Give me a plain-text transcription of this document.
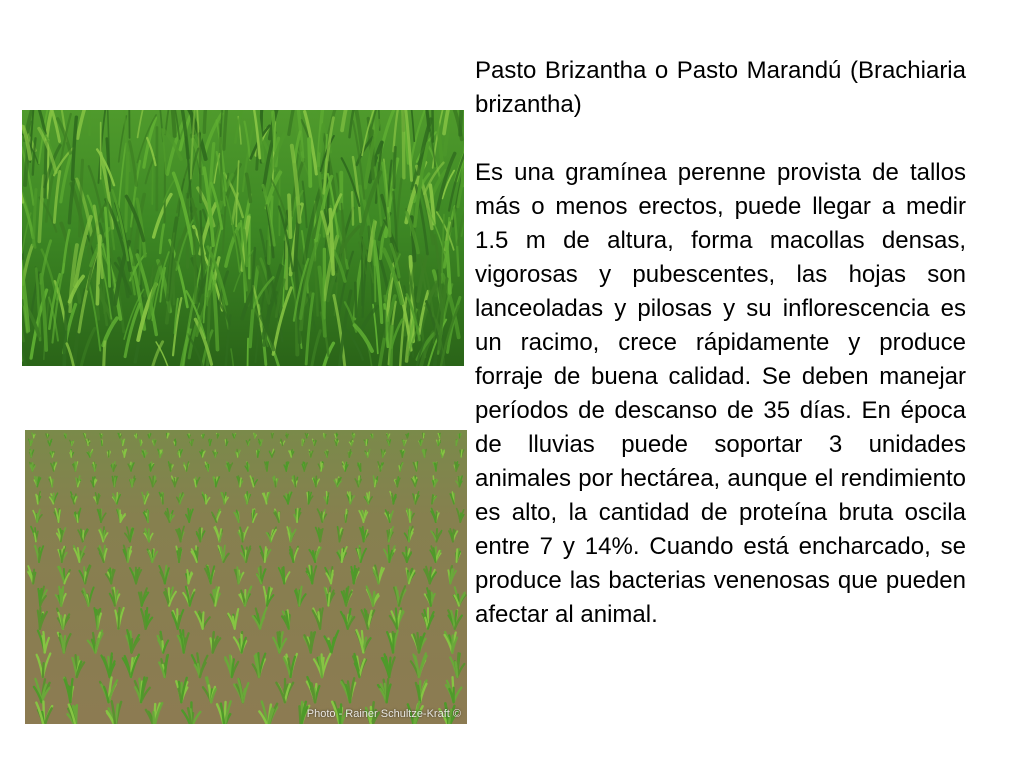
Photo - Rainer Schultze-Kraft ©

Pasto Brizantha o Pasto Marandú (Brachiaria brizantha)

Es una gramínea perenne provista de tallos más o menos erectos, puede llegar a medir 1.5 m de altura, forma macollas densas, vigorosas y pubescentes, las hojas son lanceoladas y pilosas y su inflorescencia es un racimo, crece rápidamente y produce forraje de buena calidad. Se deben manejar períodos de descanso de 35 días. En época de lluvias puede soportar 3 unidades animales por hectárea, aunque el rendimiento es alto, la cantidad de proteína bruta oscila entre 7 y 14%. Cuando está encharcado, se produce las bacterias venenosas que pueden afectar al animal.
